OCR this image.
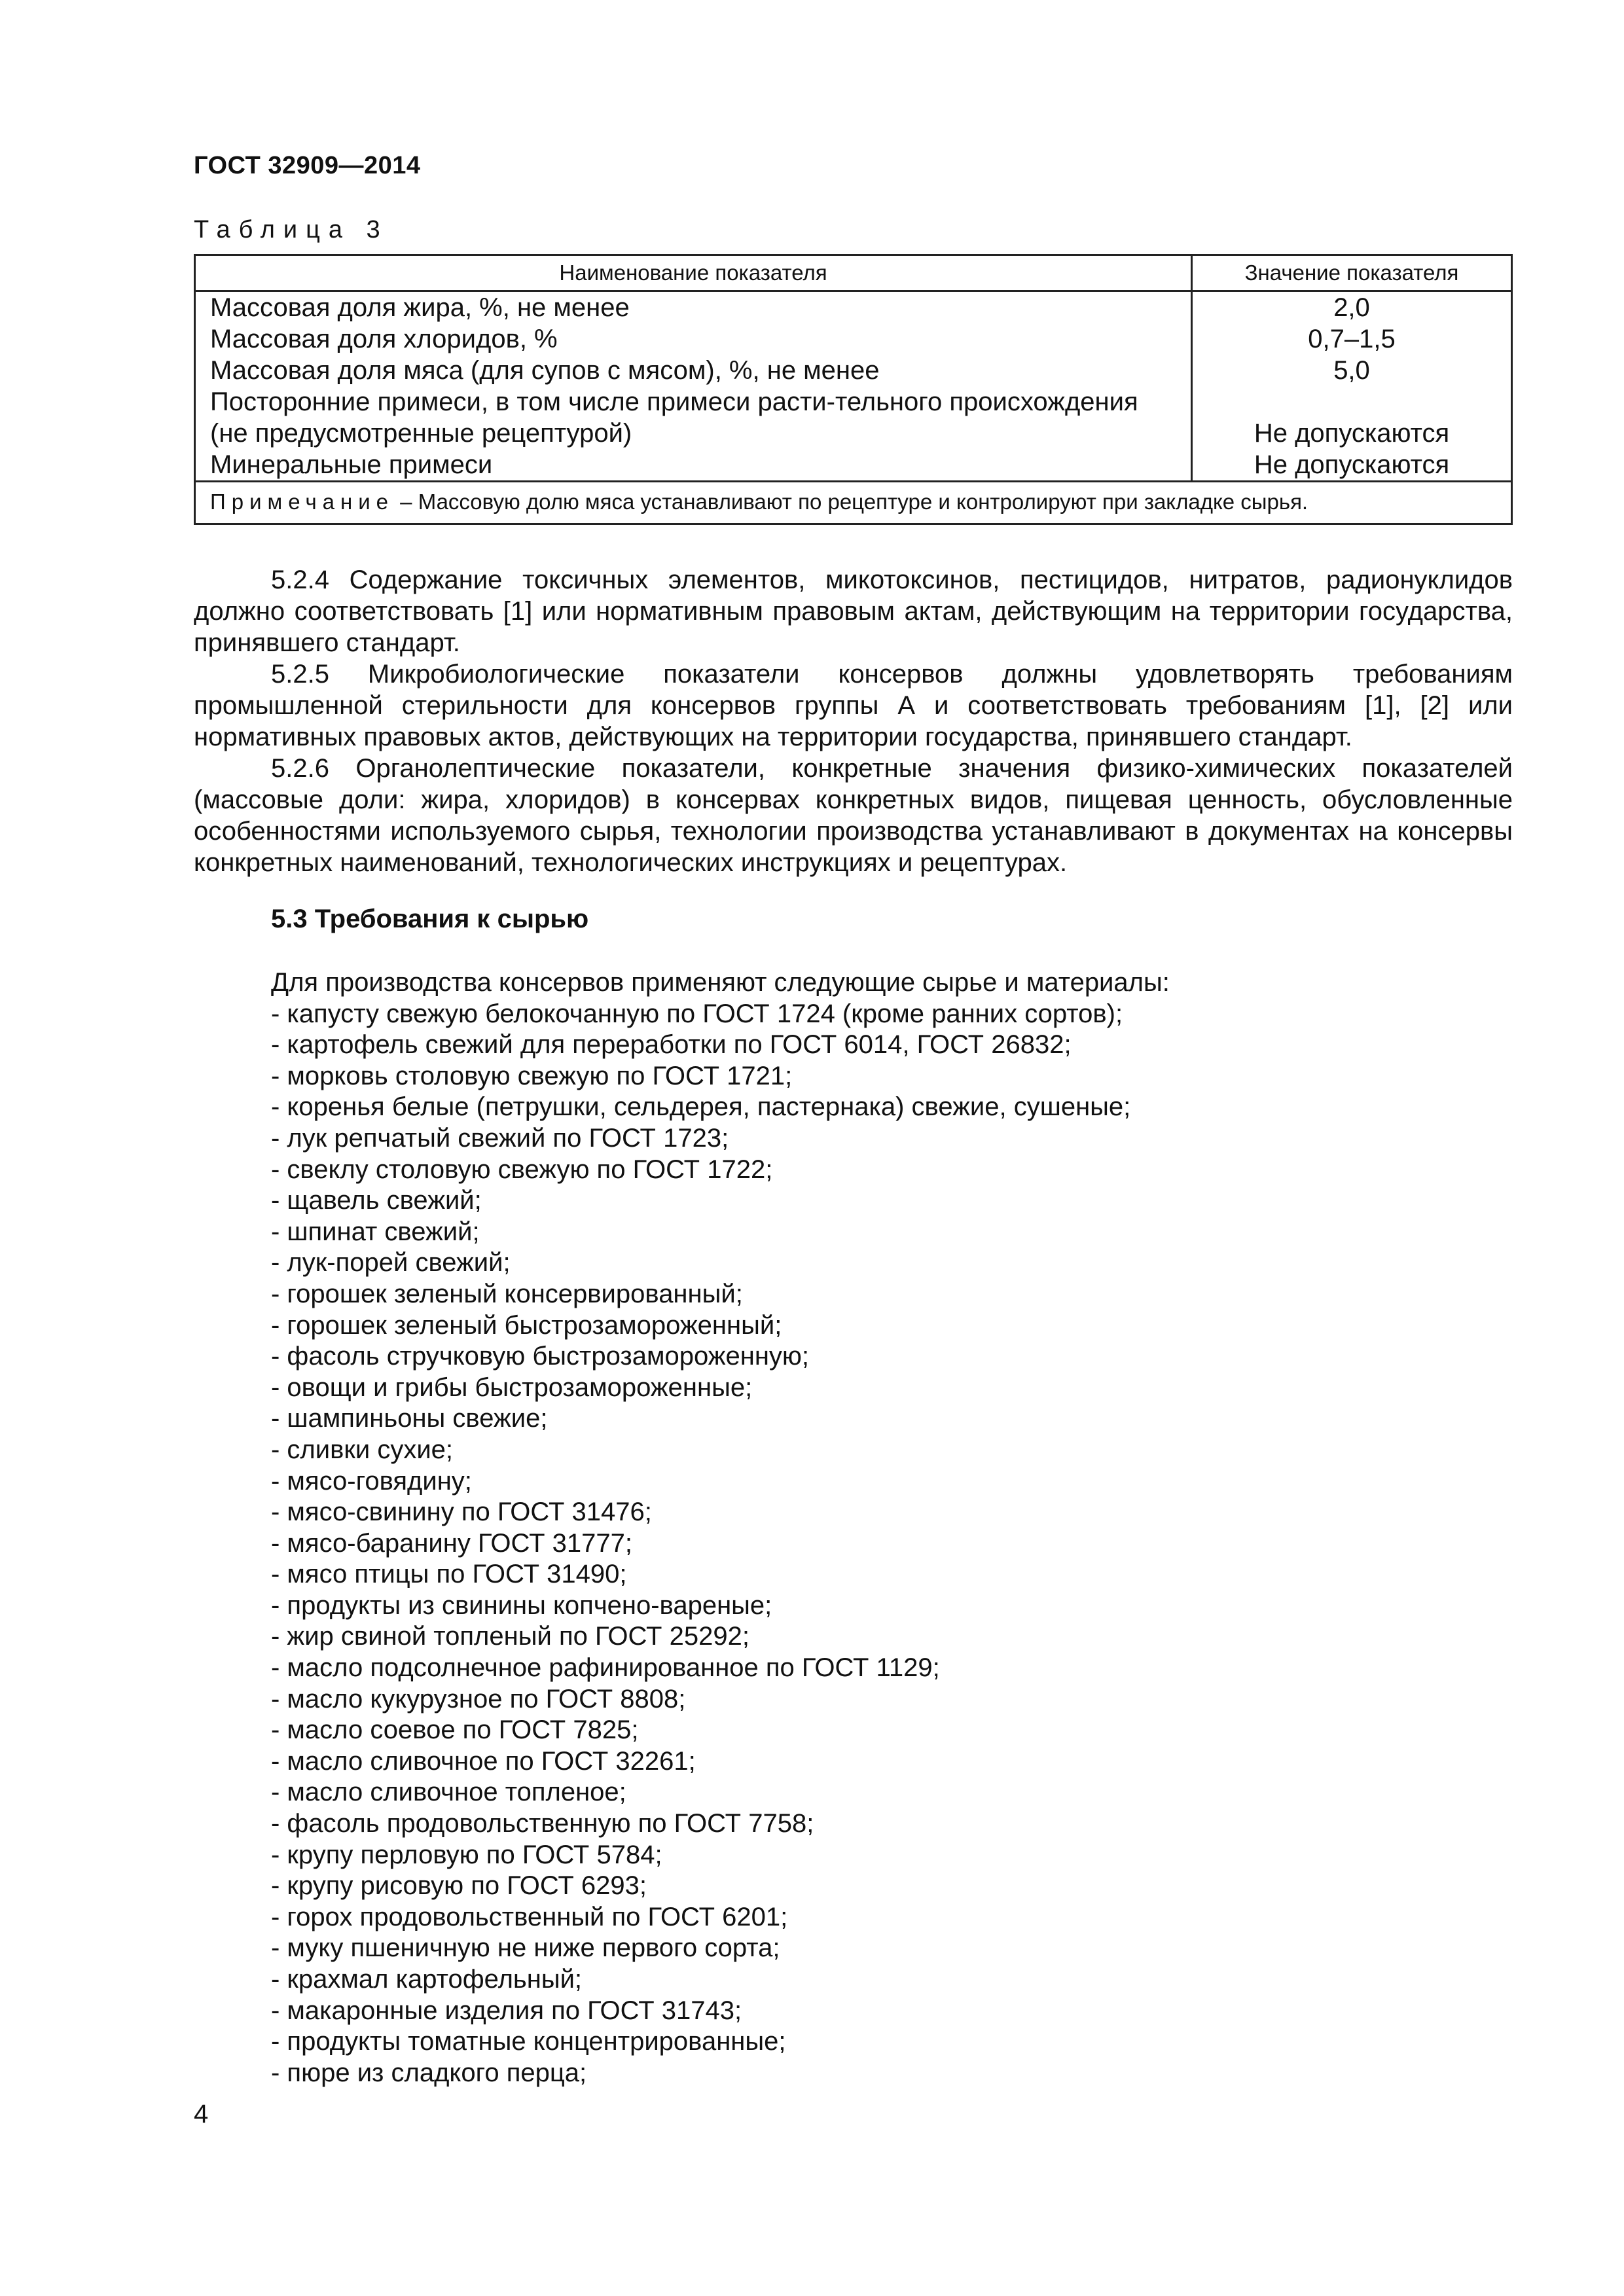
ГОСТ 32909—2014
Таблица 3
Наименование показателя	Значение показателя
Массовая доля жира, %, не менее	2,0
Массовая доля хлоридов, %	0,7–1,5
Массовая доля мяса (для супов с мясом), %, не менее	5,0
Посторонние примеси, в том числе примеси расти-тельного происхождения (не предусмотренные рецептурой)	Не допускаются
Минеральные примеси	Не допускаются
Примечание – Массовую долю мяса устанавливают по рецептуре и контролируют при закладке сырья.	

5.2.4 Содержание токсичных элементов, микотоксинов, пестицидов, нитратов, радионуклидов должно соответствовать [1] или нормативным правовым актам, действующим на территории государства, принявшего стандарт.

5.2.5 Микробиологические показатели консервов должны удовлетворять требованиям промышленной стерильности для консервов группы А и соответствовать требованиям [1], [2] или нормативных правовых актов, действующих на территории государства, принявшего стандарт.

5.2.6 Органолептические показатели, конкретные значения физико-химических показателей (массовые доли: жира, хлоридов) в консервах конкретных видов, пищевая ценность, обусловленные особенностями используемого сырья, технологии производства устанавливают в документах на консервы конкретных наименований, технологических инструкциях и рецептурах.

5.3 Требования к сырью
Для производства консервов применяют следующие сырье и материалы:
- капусту свежую белокочанную по ГОСТ 1724 (кроме ранних сортов);
- картофель свежий для переработки по ГОСТ 6014, ГОСТ 26832;
- морковь столовую свежую по ГОСТ 1721;
- коренья белые (петрушки, сельдерея, пастернака) свежие, сушеные;
- лук репчатый свежий по ГОСТ 1723;
- свеклу столовую свежую по ГОСТ 1722;
- щавель свежий;
- шпинат свежий;
- лук-порей свежий;
- горошек зеленый консервированный;
- горошек зеленый быстрозамороженный;
- фасоль стручковую быстрозамороженную;
- овощи и грибы быстрозамороженные;
- шампиньоны свежие;
- сливки сухие;
- мясо-говядину;
- мясо-свинину по ГОСТ 31476;
- мясо-баранину ГОСТ 31777;
- мясо птицы по ГОСТ 31490;
- продукты из свинины копчено-вареные;
- жир свиной топленый по ГОСТ 25292;
- масло подсолнечное рафинированное по ГОСТ 1129;
- масло кукурузное по ГОСТ 8808;
- масло соевое по ГОСТ 7825;
- масло сливочное по ГОСТ 32261;
- масло сливочное топленое;
- фасоль продовольственную по ГОСТ 7758;
- крупу перловую по ГОСТ 5784;
- крупу рисовую по ГОСТ 6293;
- горох продовольственный по ГОСТ 6201;
- муку пшеничную не ниже первого сорта;
- крахмал картофельный;
- макаронные изделия по ГОСТ 31743;
- продукты томатные концентрированные;
- пюре из сладкого перца;
4
